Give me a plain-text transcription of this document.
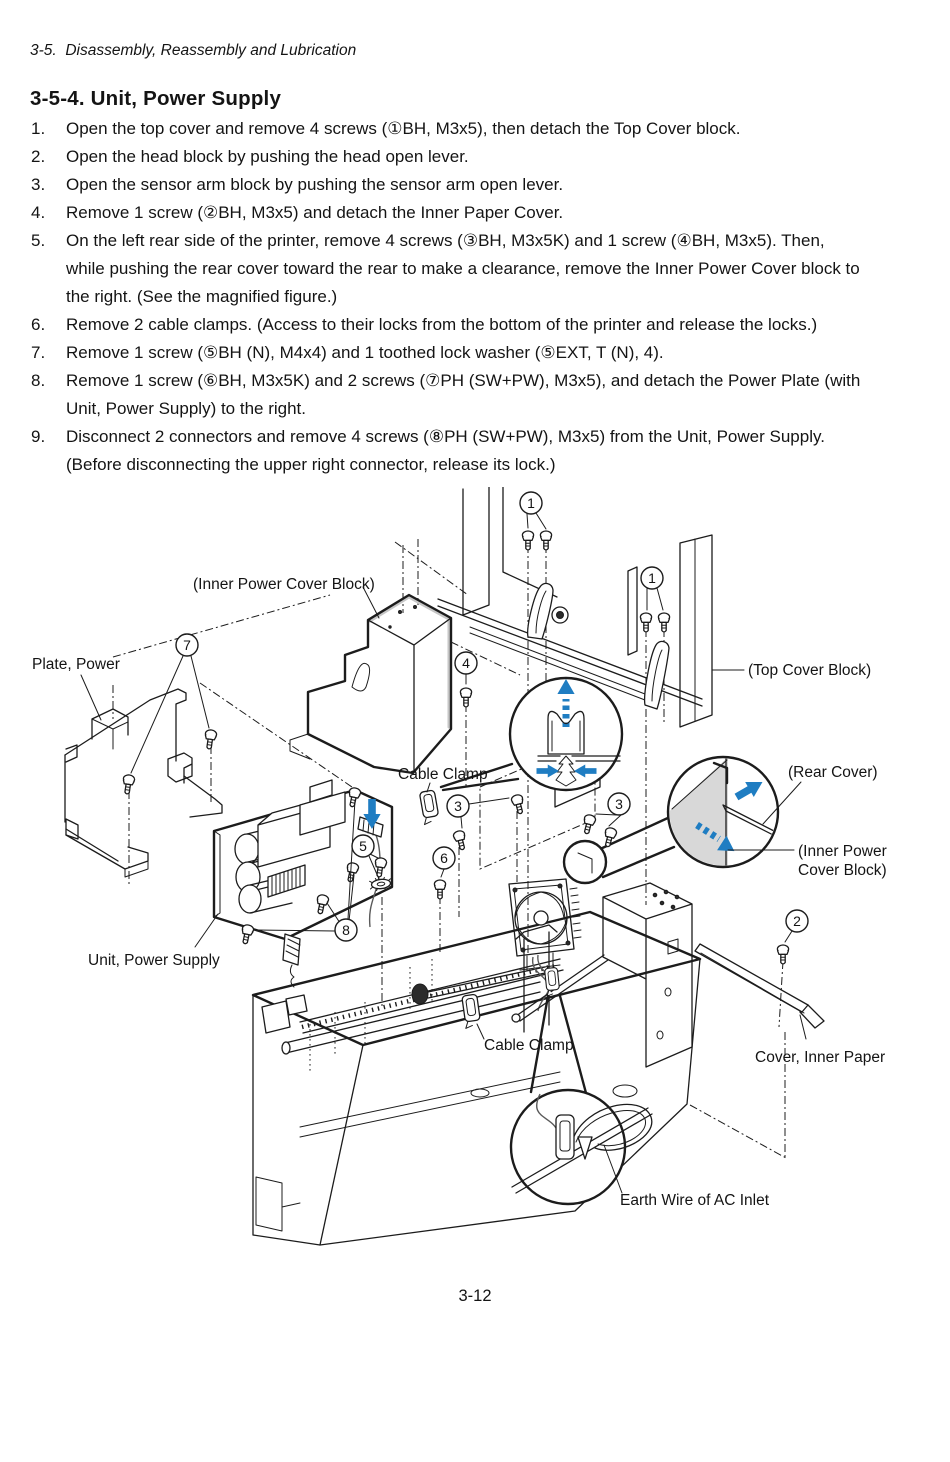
3-5.  Disassembly, Reassembly and Lubrication
3-5-4. Unit, Power Supply
1.	Open the top cover and remove 4 screws (①BH, M3x5), then detach the Top Cover block.
2.	Open the head block by pushing the head open lever.
3.	Open the sensor arm block by pushing the sensor arm open lever.
4.	Remove 1 screw (②BH, M3x5) and detach the Inner Paper Cover.
5.	On the left rear side of the printer, remove 4 screws (③BH, M3x5K) and 1 screw (④BH, M3x5). Then, while pushing the rear cover toward the rear to make a clearance, remove the Inner Power Cover block to the right. (See the magnified figure.)
6.	Remove 2 cable clamps. (Access to their locks from the bottom of the printer and release the locks.)
7.	Remove 1 screw (⑤BH (N), M4x4) and 1 toothed lock washer (⑤EXT, T (N), 4).
8.	Remove 1 screw (⑥BH, M3x5K) and 2 screws (⑦PH (SW+PW), M3x5), and detach the Power Plate (with Unit, Power Supply) to the right.
9.	Disconnect 2 connectors and remove 4 screws (⑧PH (SW+PW), M3x5) from the Unit, Power Supply. (Before disconnecting the upper right connector, release its lock.)
1
1
2
3	3
4
5
6
7
8
(Inner Power Cover Block)
Plate, Power
Cable Clamp
(Top Cover Block)
(Rear Cover)
(Inner Power
Cover Block)
Unit, Power Supply
Cable Clamp
Cover, Inner Paper
Earth Wire of AC Inlet
3-12
